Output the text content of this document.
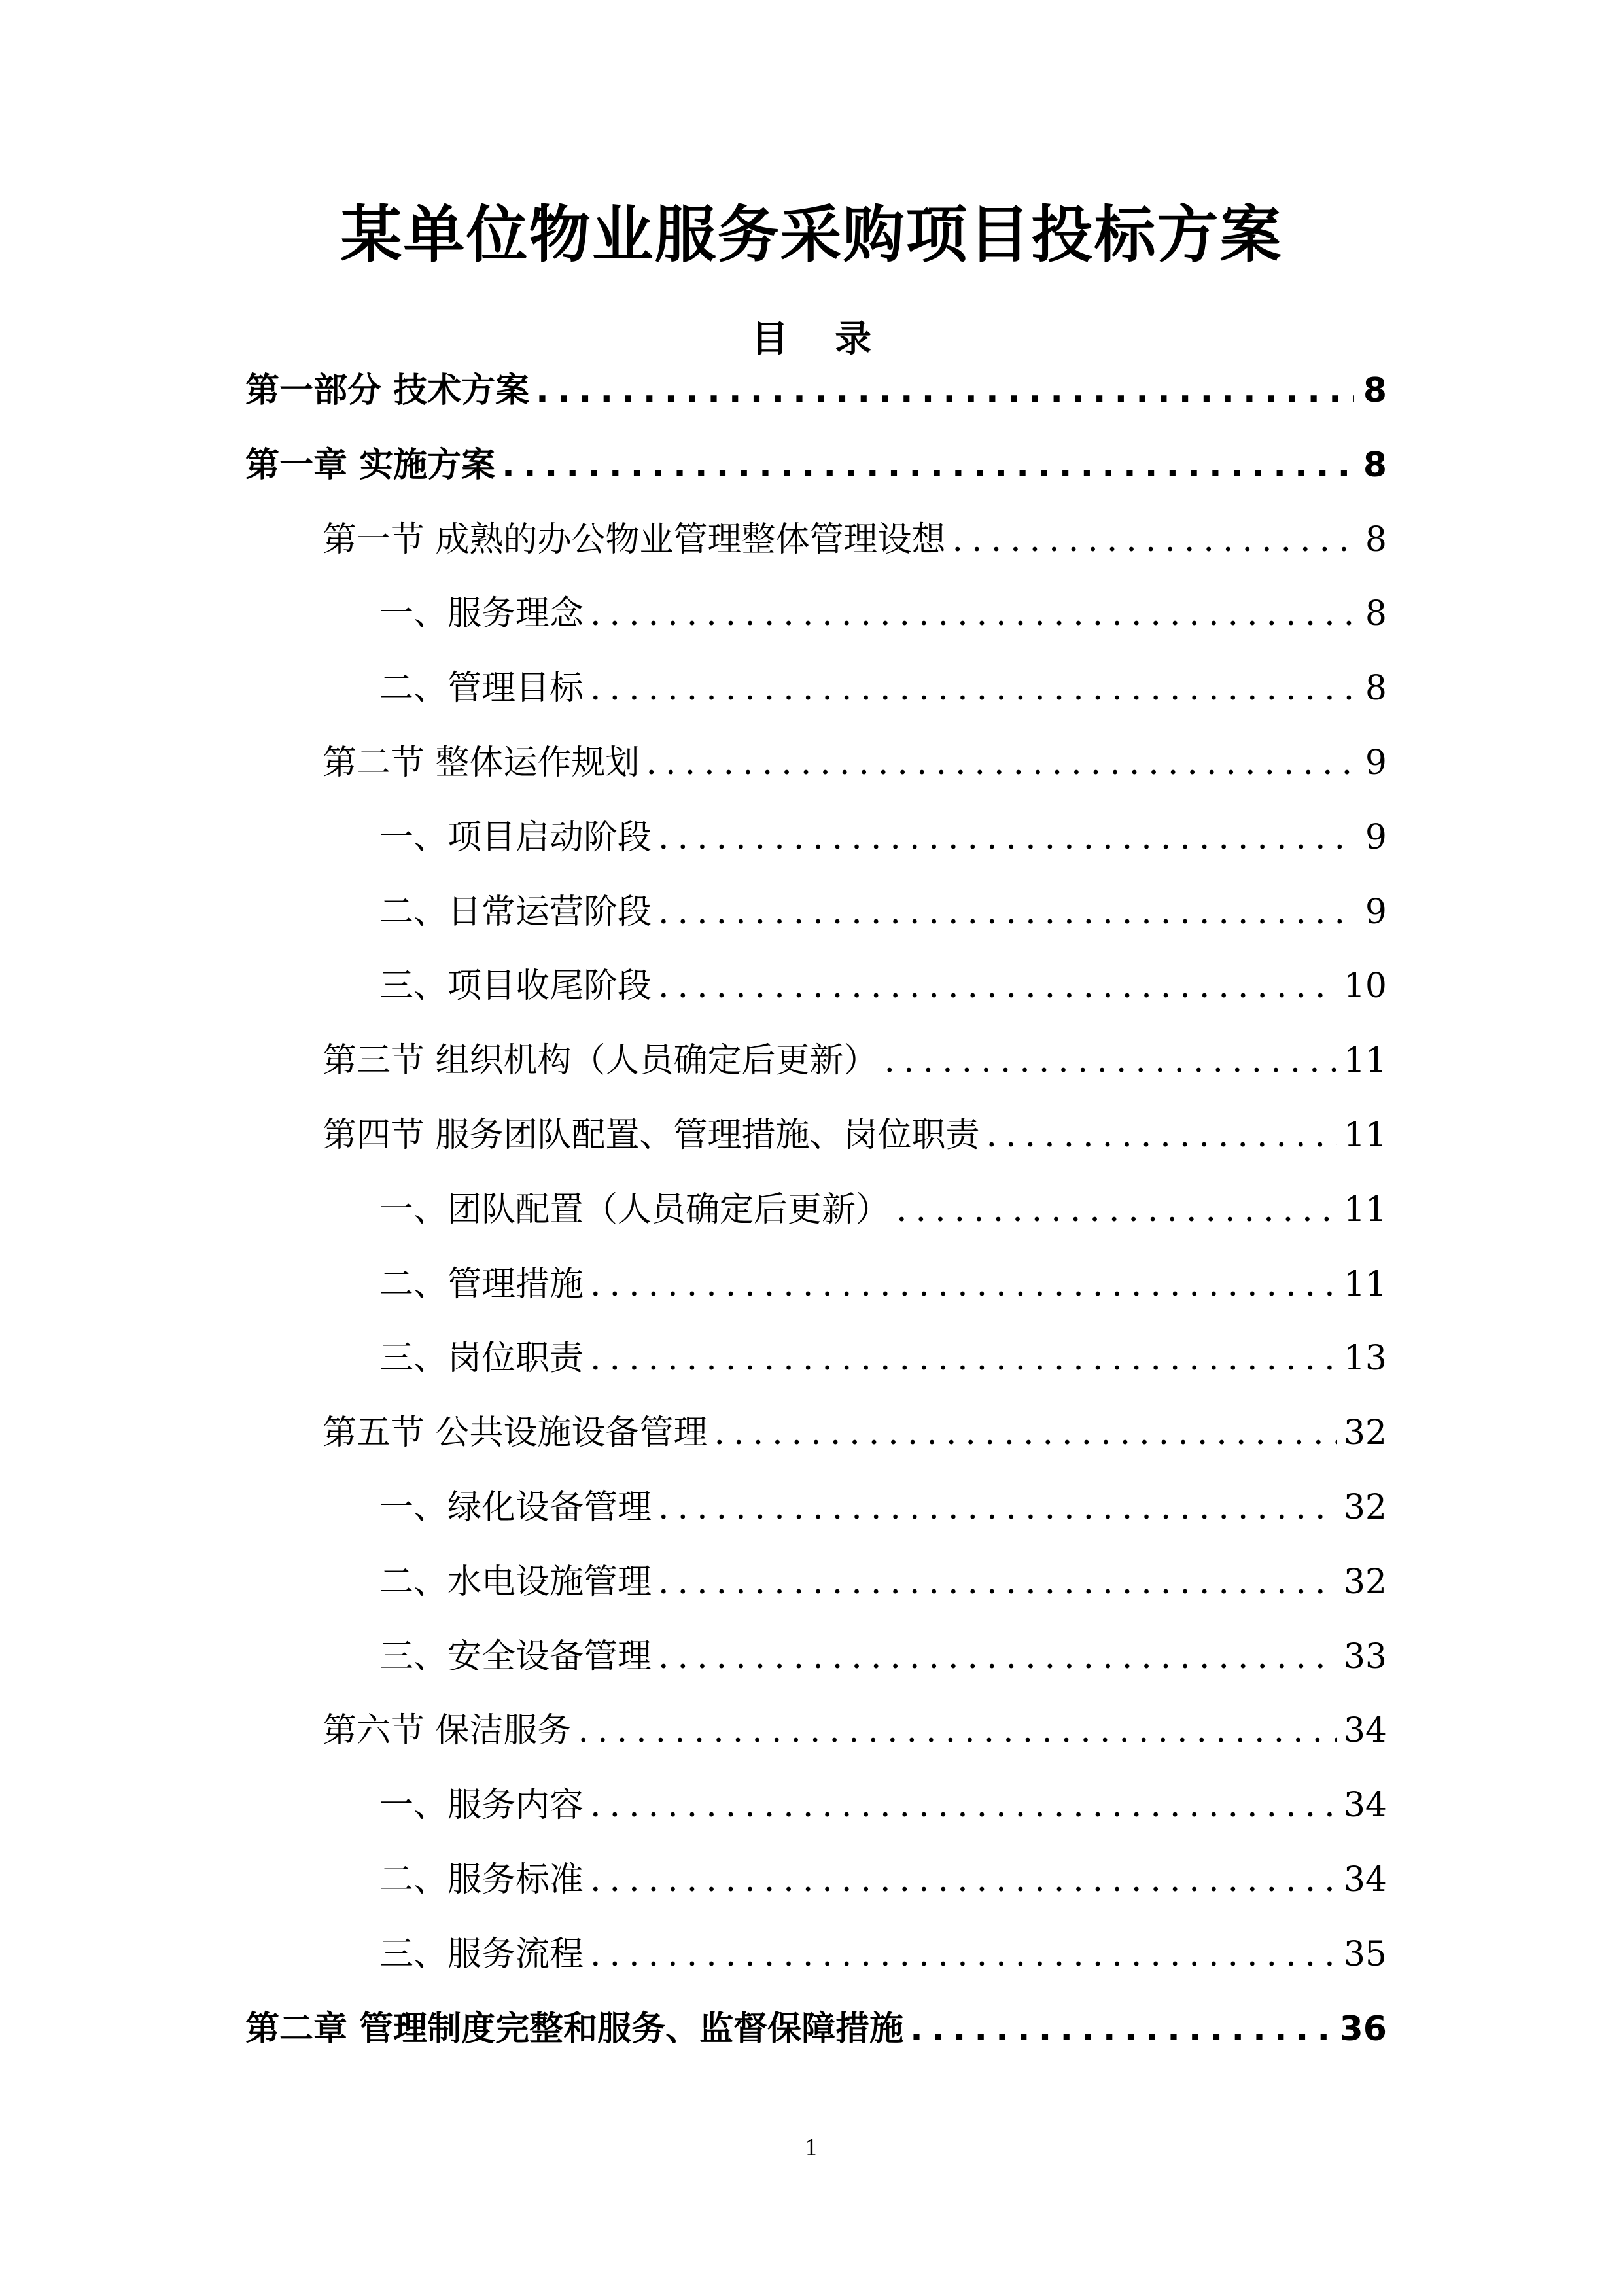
某单位物业服务采购项目投标方案
目 录
第一部分 技术方案 .....	8
第一章 实施方案 .....	8
第一节 成熟的办公物业管理整体管理设想 .....	8
一、服务理念 .....	8
二、管理目标 .....	8
第二节 整体运作规划 .....	9
一、项目启动阶段 .....	9
二、日常运营阶段 .....	9
三、项目收尾阶段 .....	10
第三节 组织机构（人员确定后更新） .....	11
第四节 服务团队配置、管理措施、岗位职责 .....	11
一、团队配置（人员确定后更新） .....	11
二、管理措施 .....	11
三、岗位职责 .....	13
第五节 公共设施设备管理 .....	32
一、绿化设备管理 .....	32
二、水电设施管理 .....	32
三、安全设备管理 .....	33
第六节 保洁服务 .....	34
一、服务内容 .....	34
二、服务标准 .....	34
三、服务流程 .....	35
第二章 管理制度完整和服务、监督保障措施 .....	36
1
